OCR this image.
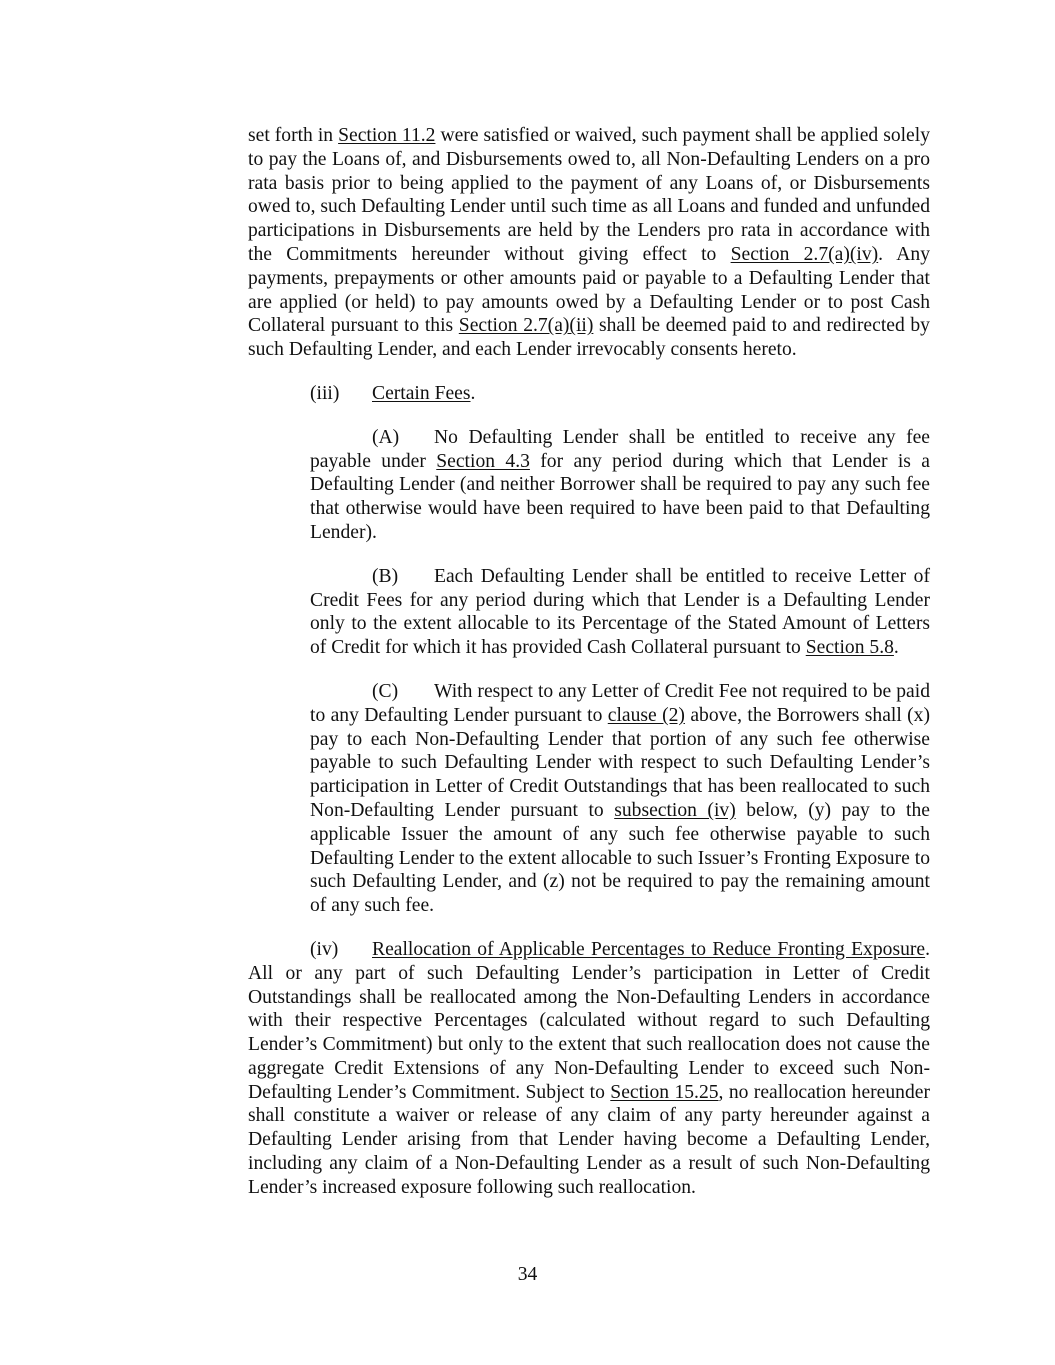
set forth in Section 11.2 were satisfied or waived, such payment shall be applied solely to pay the Loans of, and Disbursements owed to, all Non-Defaulting Lenders on a pro rata basis prior to being applied to the payment of any Loans of, or Disbursements owed to, such Defaulting Lender until such time as all Loans and funded and unfunded participations in Disbursements are held by the Lenders pro rata in accordance with the Commitments hereunder without giving effect to Section 2.7(a)(iv). Any payments, prepayments or other amounts paid or payable to a Defaulting Lender that are applied (or held) to pay amounts owed by a Defaulting Lender or to post Cash Collateral pursuant to this Section 2.7(a)(ii) shall be deemed paid to and redirected by such Defaulting Lender, and each Lender irrevocably consents hereto.

(iii) Certain Fees.

(A) No Defaulting Lender shall be entitled to receive any fee payable under Section 4.3 for any period during which that Lender is a Defaulting Lender (and neither Borrower shall be required to pay any such fee that otherwise would have been required to have been paid to that Defaulting Lender).

(B) Each Defaulting Lender shall be entitled to receive Letter of Credit Fees for any period during which that Lender is a Defaulting Lender only to the extent allocable to its Percentage of the Stated Amount of Letters of Credit for which it has provided Cash Collateral pursuant to Section 5.8.

(C) With respect to any Letter of Credit Fee not required to be paid to any Defaulting Lender pursuant to clause (2) above, the Borrowers shall (x) pay to each Non-Defaulting Lender that portion of any such fee otherwise payable to such Defaulting Lender with respect to such Defaulting Lender’s participation in Letter of Credit Outstandings that has been reallocated to such Non-Defaulting Lender pursuant to subsection (iv) below, (y) pay to the applicable Issuer the amount of any such fee otherwise payable to such Defaulting Lender to the extent allocable to such Issuer’s Fronting Exposure to such Defaulting Lender, and (z) not be required to pay the remaining amount of any such fee.

(iv) Reallocation of Applicable Percentages to Reduce Fronting Exposure. All or any part of such Defaulting Lender’s participation in Letter of Credit Outstandings shall be reallocated among the Non-Defaulting Lenders in accordance with their respective Percentages (calculated without regard to such Defaulting Lender’s Commitment) but only to the extent that such reallocation does not cause the aggregate Credit Extensions of any Non-Defaulting Lender to exceed such Non-Defaulting Lender’s Commitment. Subject to Section 15.25, no reallocation hereunder shall constitute a waiver or release of any claim of any party hereunder against a Defaulting Lender arising from that Lender having become a Defaulting Lender, including any claim of a Non-Defaulting Lender as a result of such Non-Defaulting Lender’s increased exposure following such reallocation.

34
